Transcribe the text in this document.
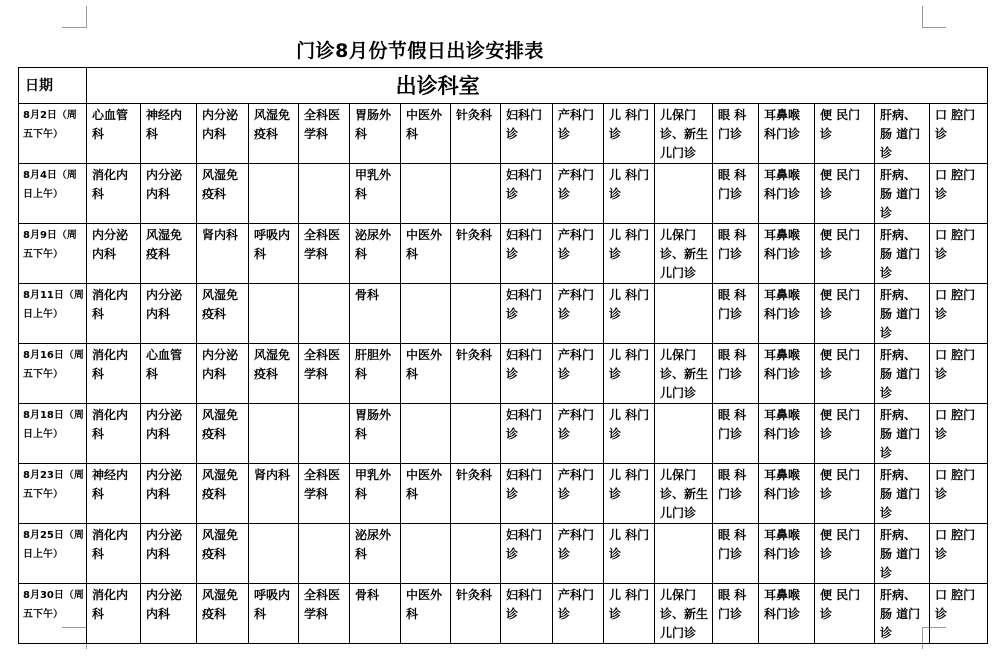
门诊8月份节假日出诊安排表
日期	出诊科室																
8月2日（周五下午）	心血管科	神经内科	内分泌内科	风湿免疫科	全科医学科	胃肠外科	中医外科	针灸科	妇科门诊	产科门诊	儿 科门 诊	儿保门诊、新生儿门诊	眼 科门诊	耳鼻喉科门诊	便 民门 诊	肝病、肠 道门 诊	口 腔门 诊
8月4日（周日上午）	消化内科	内分泌内科	风湿免疫科			甲乳外科			妇科门诊	产科门诊	儿 科门 诊		眼 科门诊	耳鼻喉科门诊	便 民门 诊	肝病、肠 道门 诊	口 腔门 诊
8月9日（周五下午）	内分泌内科	风湿免疫科	肾内科	呼吸内科	全科医学科	泌尿外科	中医外科	针灸科	妇科门诊	产科门诊	儿 科门 诊	儿保门诊、新生儿门诊	眼 科门诊	耳鼻喉科门诊	便 民门 诊	肝病、肠 道门 诊	口 腔门 诊
8月11日（周日上午）	消化内科	内分泌内科	风湿免疫科			骨科			妇科门诊	产科门诊	儿 科门 诊		眼 科门诊	耳鼻喉科门诊	便 民门 诊	肝病、肠 道门 诊	口 腔门 诊
8月16日（周五下午）	消化内科	心血管科	内分泌内科	风湿免疫科	全科医学科	肝胆外科	中医外科	针灸科	妇科门诊	产科门诊	儿 科门 诊	儿保门诊、新生儿门诊	眼 科门诊	耳鼻喉科门诊	便 民门 诊	肝病、肠 道门 诊	口 腔门 诊
8月18日（周日上午）	消化内科	内分泌内科	风湿免疫科			胃肠外科			妇科门诊	产科门诊	儿 科门 诊		眼 科门诊	耳鼻喉科门诊	便 民门 诊	肝病、肠 道门 诊	口 腔门 诊
8月23日（周五下午）	神经内科	内分泌内科	风湿免疫科	肾内科	全科医学科	甲乳外科	中医外科	针灸科	妇科门诊	产科门诊	儿 科门 诊	儿保门诊、新生儿门诊	眼 科门诊	耳鼻喉科门诊	便 民门 诊	肝病、肠 道门 诊	口 腔门 诊
8月25日（周日上午）	消化内科	内分泌内科	风湿免疫科			泌尿外科			妇科门诊	产科门诊	儿 科门 诊		眼 科门诊	耳鼻喉科门诊	便 民门 诊	肝病、肠 道门 诊	口 腔门 诊
8月30日（周五下午）	消化内科	内分泌内科	风湿免疫科	呼吸内科	全科医学科	骨科	中医外科	针灸科	妇科门诊	产科门诊	儿 科门 诊	儿保门诊、新生儿门诊	眼 科门诊	耳鼻喉科门诊	便 民门 诊	肝病、肠 道门 诊	口 腔门 诊
